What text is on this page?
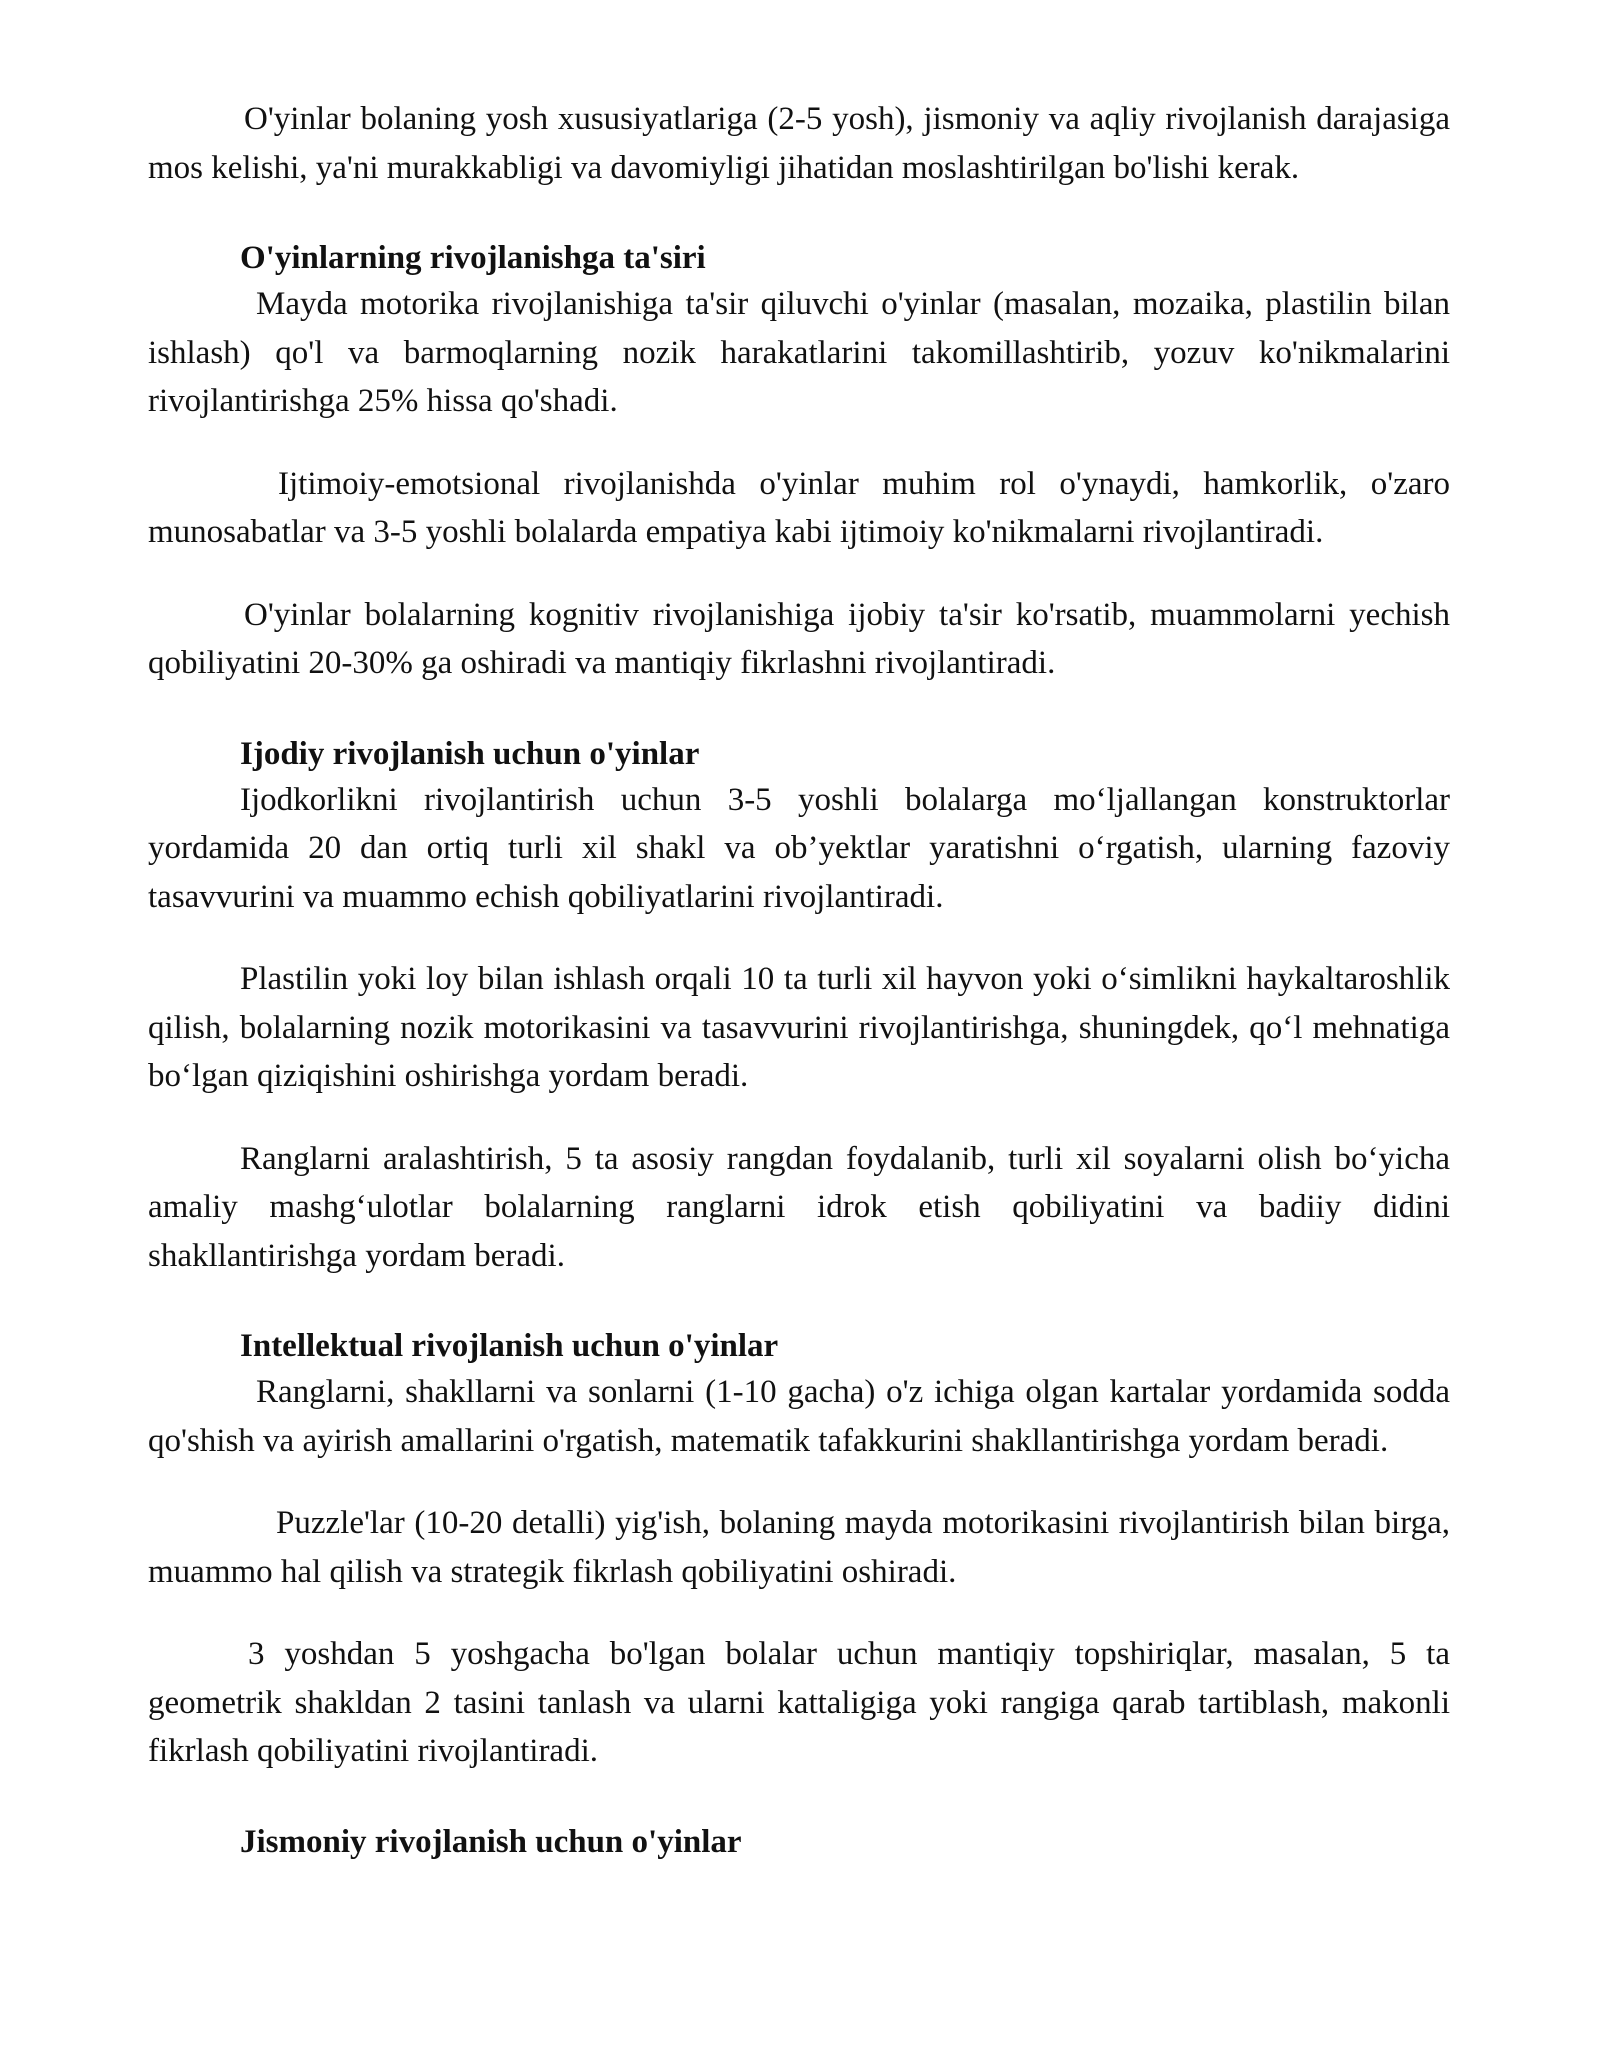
O'yinlar bolaning yosh xususiyatlariga (2-5 yosh), jismoniy va aqliy rivojlanish darajasiga mos kelishi, ya'ni murakkabligi va davomiyligi jihatidan moslashtirilgan bo'lishi kerak.

O'yinlarning rivojlanishga ta'siri

Mayda motorika rivojlanishiga ta'sir qiluvchi o'yinlar (masalan, mozaika, plastilin bilan ishlash) qo'l va barmoqlarning nozik harakatlarini takomillashtirib, yozuv ko'nikmalarini rivojlantirishga 25% hissa qo'shadi.

Ijtimoiy-emotsional rivojlanishda o'yinlar muhim rol o'ynaydi, hamkorlik, o'zaro munosabatlar va 3-5 yoshli bolalarda empatiya kabi ijtimoiy ko'nikmalarni rivojlantiradi.

O'yinlar bolalarning kognitiv rivojlanishiga ijobiy ta'sir ko'rsatib, muammolarni yechish qobiliyatini 20-30% ga oshiradi va mantiqiy fikrlashni rivojlantiradi.

Ijodiy rivojlanish uchun o'yinlar

Ijodkorlikni rivojlantirish uchun 3-5 yoshli bolalarga mo‘ljallangan konstruktorlar yordamida 20 dan ortiq turli xil shakl va ob’yektlar yaratishni o‘rgatish, ularning fazoviy tasavvurini va muammo echish qobiliyatlarini rivojlantiradi.

Plastilin yoki loy bilan ishlash orqali 10 ta turli xil hayvon yoki o‘simlikni haykaltaroshlik qilish, bolalarning nozik motorikasini va tasavvurini rivojlantirishga, shuningdek, qo‘l mehnatiga bo‘lgan qiziqishini oshirishga yordam beradi.

Ranglarni aralashtirish, 5 ta asosiy rangdan foydalanib, turli xil soyalarni olish bo‘yicha amaliy mashg‘ulotlar bolalarning ranglarni idrok etish qobiliyatini va badiiy didini shakllantirishga yordam beradi.

Intellektual rivojlanish uchun o'yinlar

Ranglarni, shakllarni va sonlarni (1-10 gacha) o'z ichiga olgan kartalar yordamida sodda qo'shish va ayirish amallarini o'rgatish, matematik tafakkurini shakllantirishga yordam beradi.

Puzzle'lar (10-20 detalli) yig'ish, bolaning mayda motorikasini rivojlantirish bilan birga, muammo hal qilish va strategik fikrlash qobiliyatini oshiradi.

3 yoshdan 5 yoshgacha bo'lgan bolalar uchun mantiqiy topshiriqlar, masalan, 5 ta geometrik shakldan 2 tasini tanlash va ularni kattaligiga yoki rangiga qarab tartiblash, makonli fikrlash qobiliyatini rivojlantiradi.

Jismoniy rivojlanish uchun o'yinlar
